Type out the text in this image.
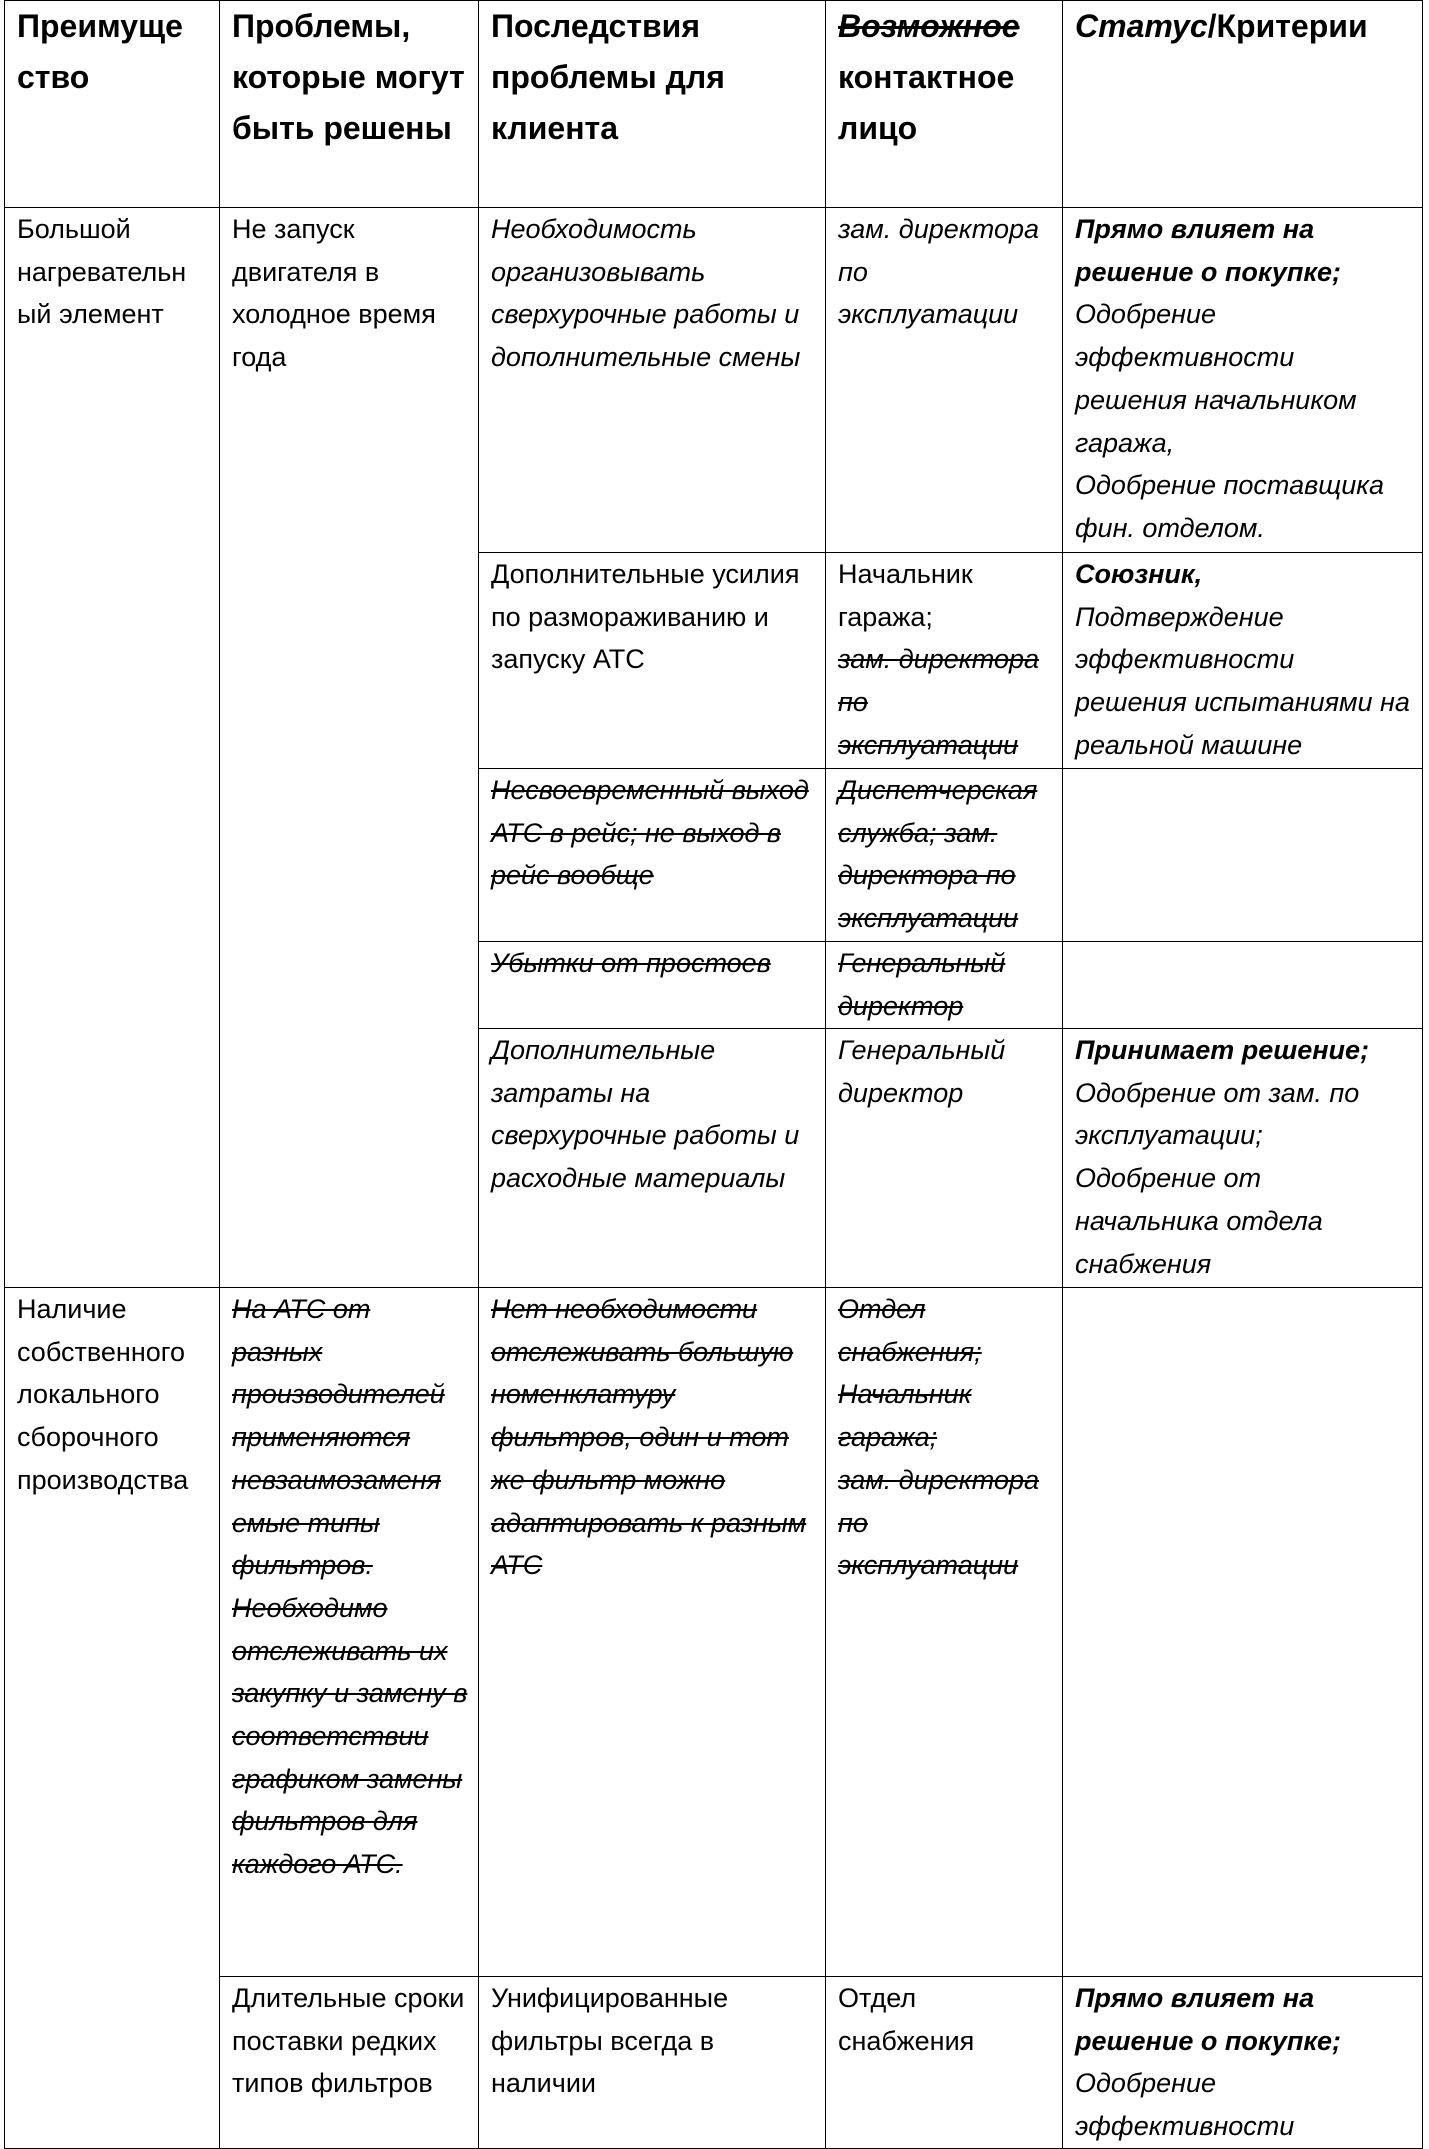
Преимуще ство	Проблемы, которые могут быть решены	Последствия проблемы для клиента	Возможное контактное лицо	Статус/Критерии
Большой нагревательн ый элемент	Не запуск двигателя в холодное время года	Необходимость организовывать сверхурочные работы и дополнительные смены	зам. директора по эксплуатации	Прямо влияет на решение о покупке;
Одобрение эффективности решения начальником гаража,
Одобрение поставщика фин. отделом.

		Дополнительные усилия по размораживанию и запуску АТС	Начальник гаража;
зам. директора по эксплуатации	Союзник,
Подтверждение эффективности решения испытаниями на реальной машине

		Несвоевременный выход АТС в рейс; не выход в рейс вообще	Диспетчерская служба; зам. директора по эксплуатации	
		Убытки от простоев	Генеральный директор	
		Дополнительные затраты на сверхурочные работы и расходные материалы	Генеральный директор	Принимает решение;
Одобрение от зам. по эксплуатации;
Одобрение от начальника отдела снабжения

Наличие собственного локального сборочного производства	На АТС от разных производителей применяются невзаимозаменя емые типы фильтров. Необходимо отслеживать их закупку и замену в соответствии графиком замены фильтров для каждого АТС.	Нет необходимости отслеживать большую номенклатуру фильтров, один и тот же фильтр можно адаптировать к разным АТС	Отдел снабжения;
Начальник гаража;
зам. директора по эксплуатации	

	Длительные сроки поставки редких типов фильтров	Унифицированные фильтры всегда в наличии	Отдел снабжения	Прямо влияет на решение о покупке;
Одобрение эффективности
